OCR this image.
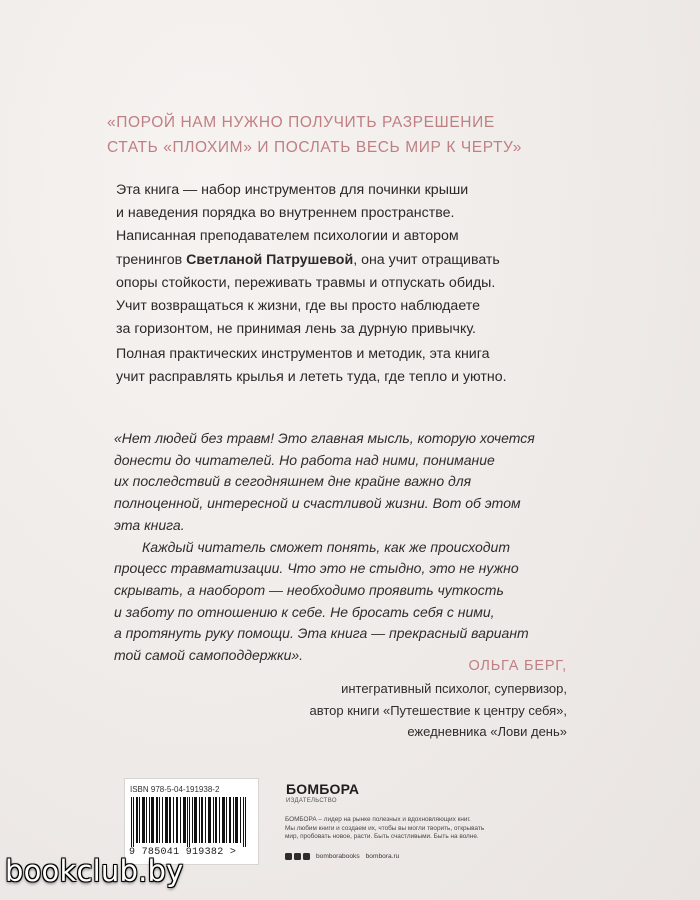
«ПОРОЙ НАМ НУЖНО ПОЛУЧИТЬ РАЗРЕШЕНИЕ
СТАТЬ «ПЛОХИМ» И ПОСЛАТЬ ВЕСЬ МИР К ЧЕРТУ»
Эта книга — набор инструментов для починки крыши
и наведения порядка во внутреннем пространстве.
Написанная преподавателем психологии и автором
тренингов Светланой Патрушевой, она учит отращивать
опоры стойкости, переживать травмы и отпускать обиды.
Учит возвращаться к жизни, где вы просто наблюдаете
за горизонтом, не принимая лень за дурную привычку.
Полная практических инструментов и методик, эта книга
учит расправлять крылья и лететь туда, где тепло и уютно.
«Нет людей без травм! Это главная мысль, которую хочется
донести до читателей. Но работа над ними, понимание
их последствий в сегодняшнем дне крайне важно для
полноценной, интересной и счастливой жизни. Вот об этом
эта книга.
Каждый читатель сможет понять, как же происходит
процесс травматизации. Что это не стыдно, это не нужно
скрывать, а наоборот — необходимо проявить чуткость
и заботу по отношению к себе. Не бросать себя с ними,
а протянуть руку помощи. Эта книга — прекрасный вариант
той самой самоподдержки».
ОЛЬГА БЕРГ,
интегративный психолог, супервизор,
автор книги «Путешествие к центру себя»,
ежедневника «Лови день»
ISBN 978-5-04-191938-2
9 785041 919382 >
БОМБОРА
ИЗДАТЕЛЬСТВО
БОМБОРА – лидер на рынке полезных и вдохновляющих книг.
Мы любим книги и создаем их, чтобы вы могли творить, открывать
мир, пробовать новое, расти. Быть счастливыми. Быть на волне.
bomborabooks bombora.ru
bookclub.by
